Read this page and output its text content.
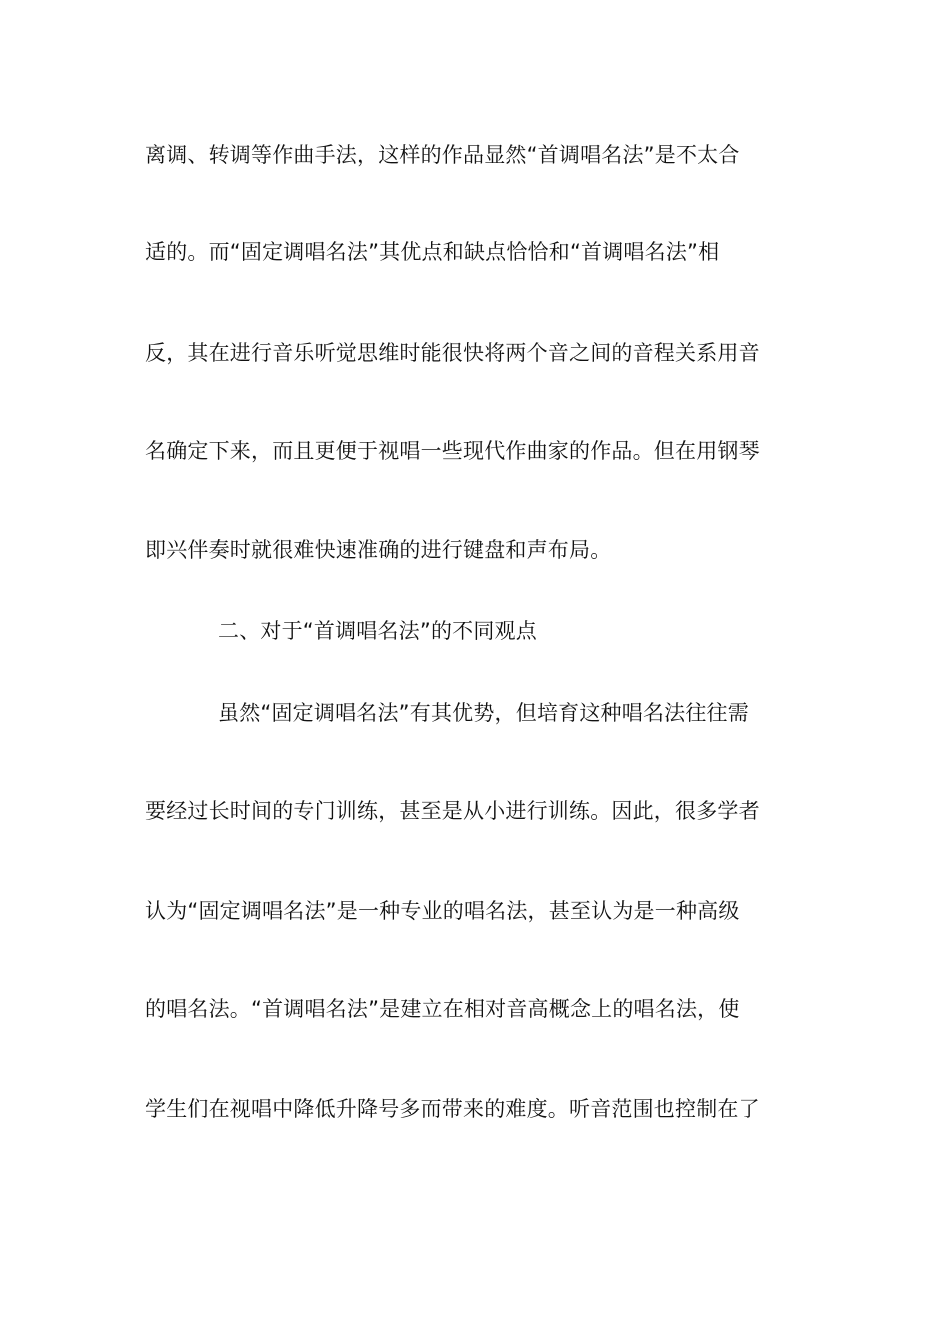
离调、转调等作曲手法，这样的作品显然“首调唱名法”是不太合
适的。而“固定调唱名法”其优点和缺点恰恰和“首调唱名法”相
反，其在进行音乐听觉思维时能很快将两个音之间的音程关系用音
名确定下来，而且更便于视唱一些现代作曲家的作品。但在用钢琴
即兴伴奏时就很难快速准确的进行键盘和声布局。
二、对于“首调唱名法”的不同观点
虽然“固定调唱名法”有其优势，但培育这种唱名法往往需
要经过长时间的专门训练，甚至是从小进行训练。因此，很多学者
认为“固定调唱名法”是一种专业的唱名法，甚至认为是一种高级
的唱名法。“首调唱名法”是建立在相对音高概念上的唱名法，使
学生们在视唱中降低升降号多而带来的难度。听音范围也控制在了
